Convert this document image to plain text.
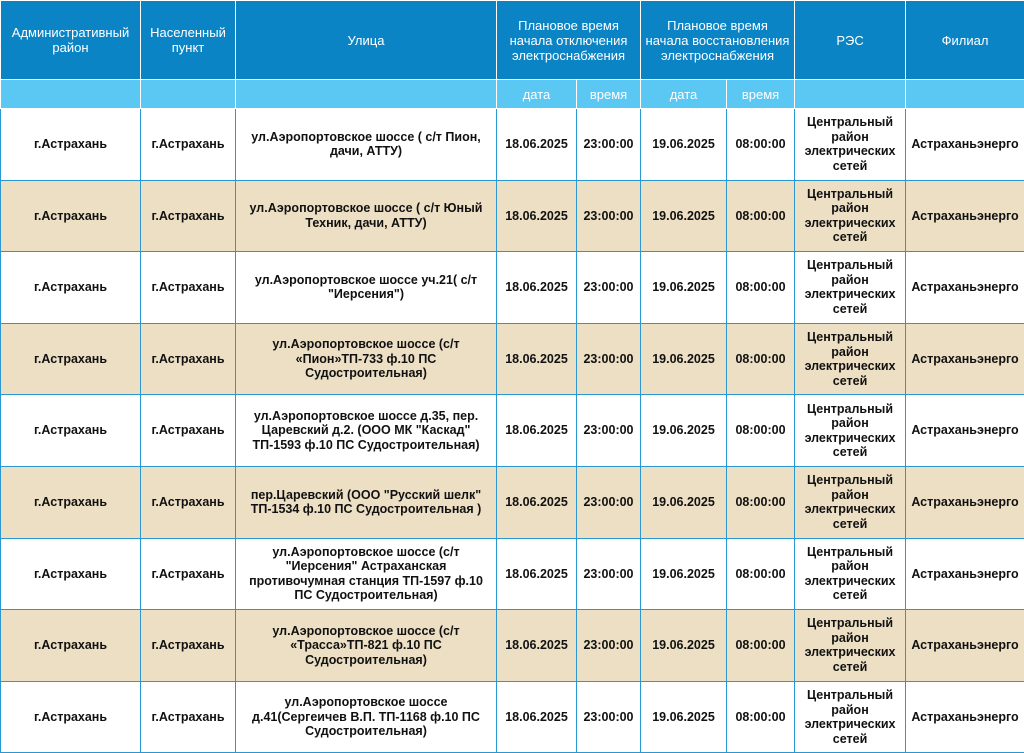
Административный район	Населенный пункт	Улица	Плановое время начала отключения электроснабжения		Плановое время начала восстановления электроснабжения		РЭС	Филиал
			дата	время	дата	время		
г.Астрахань	г.Астрахань	ул.Аэропортовское шоссе ( с/т Пион, дачи, АТТУ)	18.06.2025	23:00:00	19.06.2025	08:00:00	Центральный район электрических сетей	Астраханьэнерго
г.Астрахань	г.Астрахань	ул.Аэропортовское шоссе ( с/т Юный Техник, дачи, АТТУ)	18.06.2025	23:00:00	19.06.2025	08:00:00	Центральный район электрических сетей	Астраханьэнерго
г.Астрахань	г.Астрахань	ул.Аэропортовское шоссе уч.21( с/т "Иерсения")	18.06.2025	23:00:00	19.06.2025	08:00:00	Центральный район электрических сетей	Астраханьэнерго
г.Астрахань	г.Астрахань	ул.Аэропортовское шоссе (с/т «Пион»ТП-733 ф.10 ПС Судостроительная)	18.06.2025	23:00:00	19.06.2025	08:00:00	Центральный район электрических сетей	Астраханьэнерго
г.Астрахань	г.Астрахань	ул.Аэропортовское шоссе д.35, пер. Царевский д.2. (ООО МК "Каскад" ТП-1593 ф.10 ПС Судостроительная)	18.06.2025	23:00:00	19.06.2025	08:00:00	Центральный район электрических сетей	Астраханьэнерго
г.Астрахань	г.Астрахань	пер.Царевский (ООО "Русский шелк" ТП-1534 ф.10 ПС Судостроительная )	18.06.2025	23:00:00	19.06.2025	08:00:00	Центральный район электрических сетей	Астраханьэнерго
г.Астрахань	г.Астрахань	ул.Аэропортовское шоссе (с/т "Иерсения" Астраханская противочумная станция ТП-1597 ф.10 ПС Судостроительная)	18.06.2025	23:00:00	19.06.2025	08:00:00	Центральный район электрических сетей	Астраханьэнерго
г.Астрахань	г.Астрахань	ул.Аэропортовское шоссе (с/т «Трасса»ТП-821 ф.10 ПС Судостроительная)	18.06.2025	23:00:00	19.06.2025	08:00:00	Центральный район электрических сетей	Астраханьэнерго
г.Астрахань	г.Астрахань	ул.Аэропортовское шоссе д.41(Сергеичев В.П. ТП-1168 ф.10 ПС Судостроительная)	18.06.2025	23:00:00	19.06.2025	08:00:00	Центральный район электрических сетей	Астраханьэнерго
